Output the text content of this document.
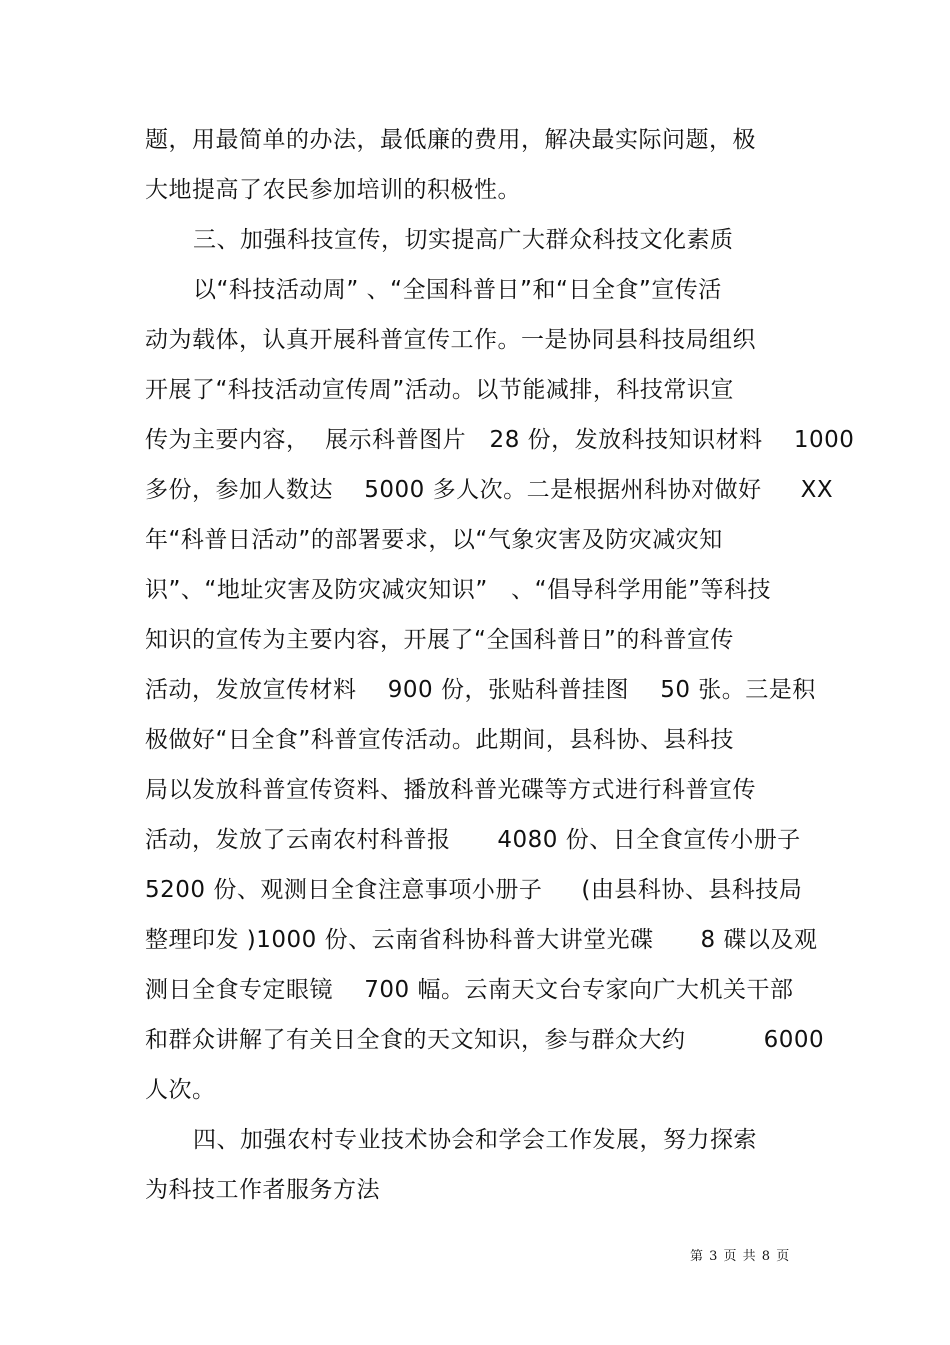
题，用最简单的办法，最低廉的费用，解决最实际问题，极
大地提高了农民参加培训的积极性。
三、加强科技宣传，切实提高广大群众科技文化素质
以“科技活动周” 、“全国科普日”和“日全食”宣传活
动为载体，认真开展科普宣传工作。一是协同县科技局组织
开展了“科技活动宣传周”活动。以节能减排，科技常识宣
传为主要内容，  展示科普图片   28 份，发放科技知识材料    1000
多份，参加人数达    5000 多人次。二是根据州科协对做好     XX
年“科普日活动”的部署要求，以“气象灾害及防灾减灾知
识”、“地址灾害及防灾减灾知识”   、“倡导科学用能”等科技
知识的宣传为主要内容，开展了“全国科普日”的科普宣传
活动，发放宣传材料    900 份，张贴科普挂图    50 张。三是积
极做好“日全食”科普宣传活动。此期间，县科协、县科技
局以发放科普宣传资料、播放科普光碟等方式进行科普宣传
活动，发放了云南农村科普报      4080 份、日全食宣传小册子
5200 份、观测日全食注意事项小册子     (由县科协、县科技局
整理印发 )1000 份、云南省科协科普大讲堂光碟      8 碟以及观
测日全食专定眼镜    700 幅。云南天文台专家向广大机关干部
和群众讲解了有关日全食的天文知识，参与群众大约          6000
人次。
四、加强农村专业技术协会和学会工作发展，努力探索
为科技工作者服务方法
第 3 页 共 8 页
